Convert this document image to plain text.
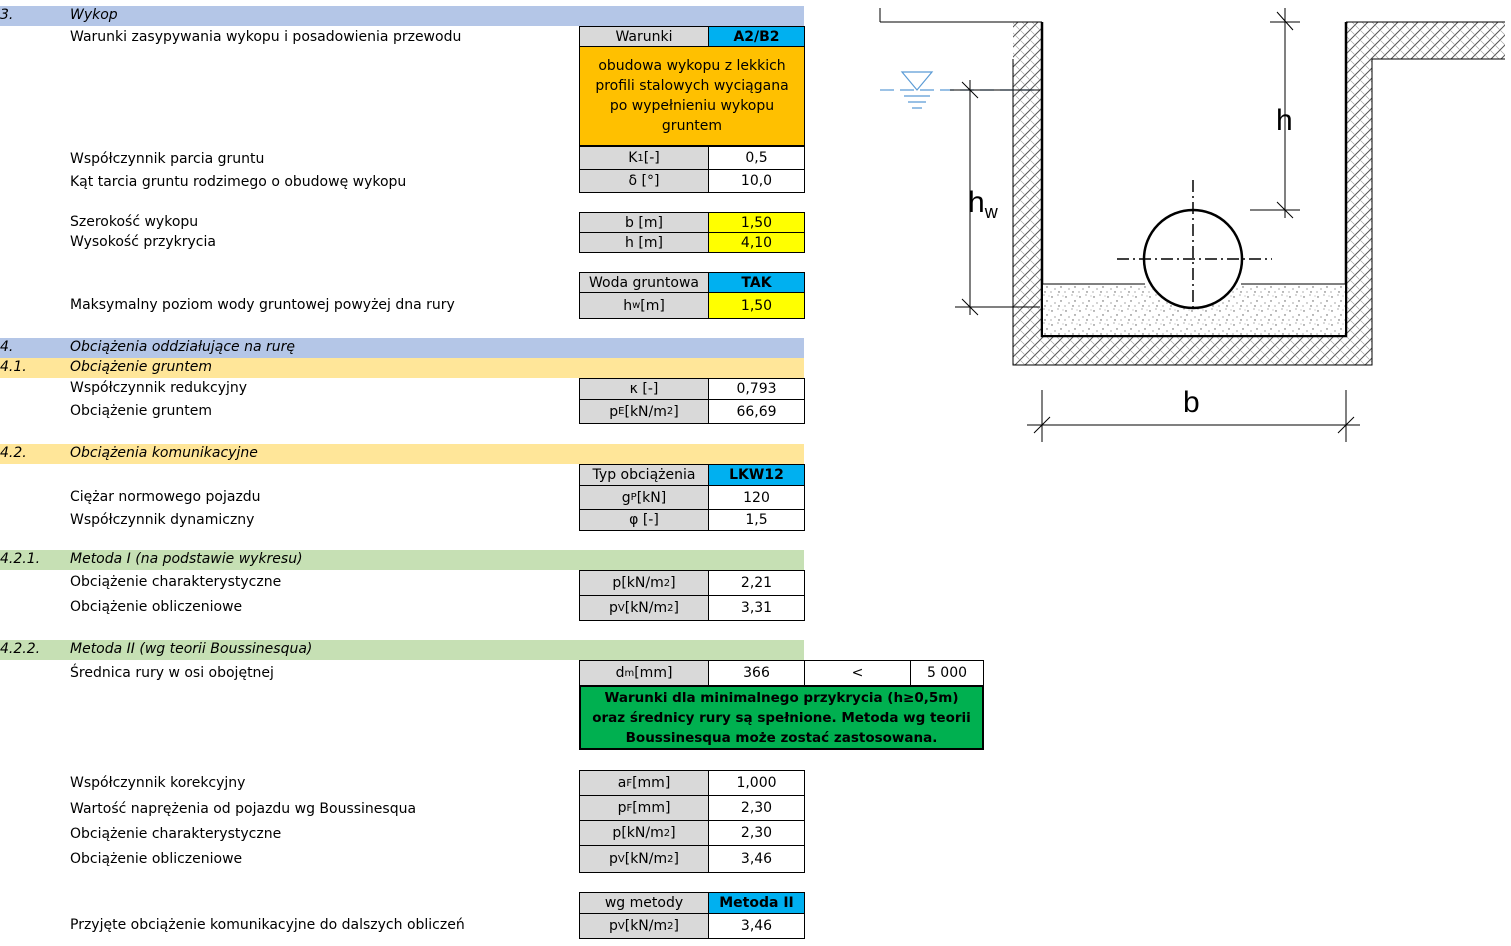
3.	Wykop
Warunki zasypywania wykopu i posadowienia przewodu	Warunki	A2/B2
obudowa wykopu z lekkich profili stalowych wyciągana po wypełnieniu wykopu gruntem
Współczynnik parcia gruntu	K 1 [-]	0,5
Kąt tarcia gruntu rodzimego o obudowę wykopu	δ [°]	10,0
Szerokość wykopu	b [m]	1,50
Wysokość przykrycia	h [m]	4,10
Woda gruntowa	TAK
Maksymalny poziom wody gruntowej powyżej dna rury	h w [m]	1,50
4.	Obciążenia oddziałujące na rurę
4.1.	Obciążenie gruntem
Współczynnik redukcyjny	κ [-]	0,793
Obciążenie gruntem	p E [kN/m 2 ]	66,69
4.2.	Obciążenia komunikacyjne
Typ obciążenia	LKW12
Ciężar normowego pojazdu	g P [kN]	120
Współczynnik dynamiczny	φ [-]	1,5
4.2.1. Metoda I (na podstawie wykresu)
Obciążenie charakterystyczne	p [kN/m 2 ]	2,21
Obciążenie obliczeniowe	p V [kN/m 2 ]	3,31
4.2.2. Metoda II (wg teorii Boussinesqua)
Średnica rury w osi obojętnej	d m [mm]	366	<	5 000
Warunki dla minimalnego przykrycia (h≥0,5m) oraz średnicy rury są spełnione. Metoda wg teorii Boussinesqua może zostać zastosowana.
Współczynnik korekcyjny	a F [mm]	1,000
Wartość naprężenia od pojazdu wg Boussinesqua	p F [mm]	2,30
Obciążenie charakterystyczne	p [kN/m 2 ]	2,30
Obciążenie obliczeniowe	p V [kN/m 2 ]	3,46
wg metody	Metoda II
Przyjęte obciążenie komunikacyjne do dalszych obliczeń	p V [kN/m 2 ]	3,46
h
$h_w$
b
